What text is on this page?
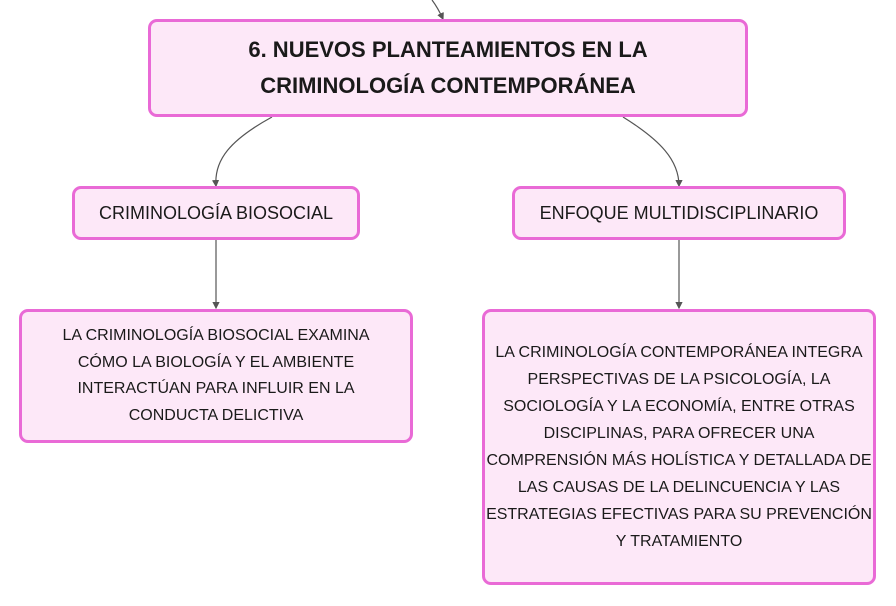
6. NUEVOS PLANTEAMIENTOS EN LA CRIMINOLOGÍA CONTEMPORÁNEA
CRIMINOLOGÍA BIOSOCIAL	ENFOQUE MULTIDISCIPLINARIO
LA CRIMINOLOGÍA BIOSOCIAL EXAMINA CÓMO LA BIOLOGÍA Y EL AMBIENTE INTERACTÚAN PARA INFLUIR EN LA CONDUCTA DELICTIVA
LA CRIMINOLOGÍA CONTEMPORÁNEA INTEGRA PERSPECTIVAS DE LA PSICOLOGÍA, LA SOCIOLOGÍA Y LA ECONOMÍA, ENTRE OTRAS DISCIPLINAS, PARA OFRECER UNA COMPRENSIÓN MÁS HOLÍSTICA Y DETALLADA DE LAS CAUSAS DE LA DELINCUENCIA Y LAS ESTRATEGIAS EFECTIVAS PARA SU PREVENCIÓN Y TRATAMIENTO
